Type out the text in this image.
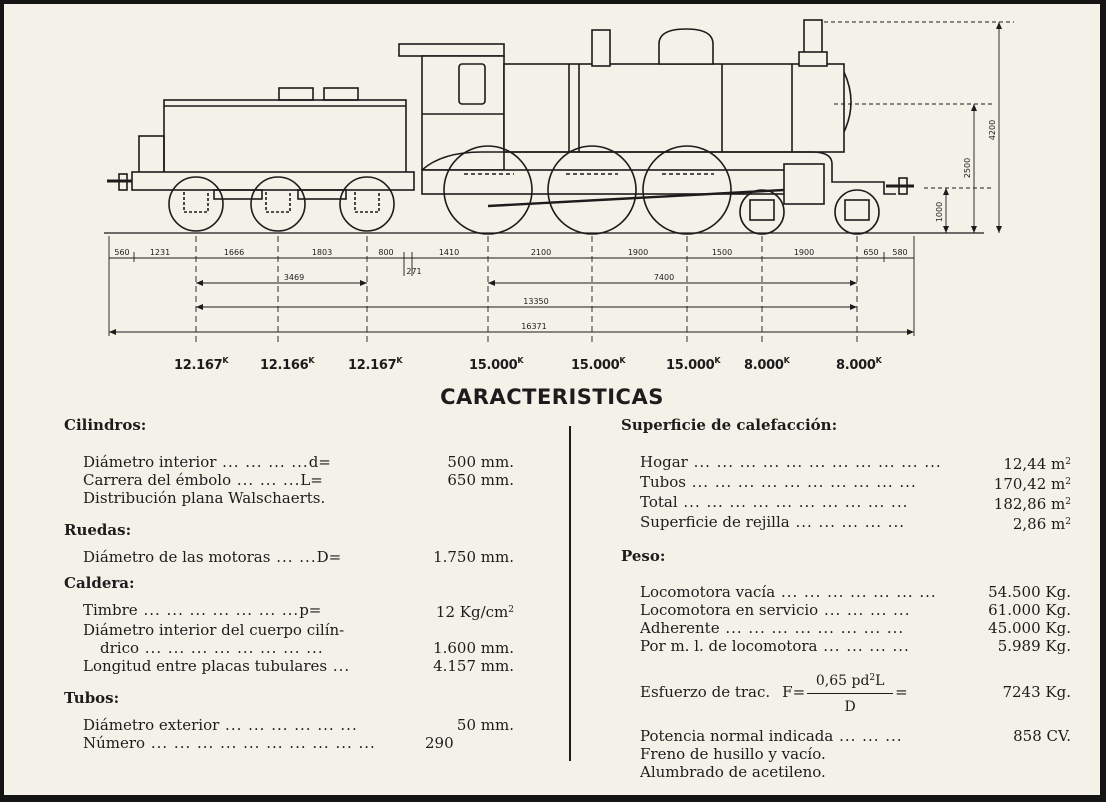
560	1231	1666	1803	800	1410	2100	1900	1500	1900	650 580
271
3469	7400
13350
16371
1000
2500
4200
$12.167^K$ $12.166^K$	$12.167^K$	$15.000^K$	$15.000^K$	$15.000^K$ $8.000^K$	$8.000^K$
CARACTERISTICAS
Cilindros:
Diámetro interior ... ... ... ... d=	500 mm.
Carrera del émbolo ... ... ... L=	650 mm.
Distribución plana Walschaerts.
Ruedas:
Diámetro de las motoras ... ... D=	1.750 mm.
Caldera:
Timbre ... ... ... ... ... ... ... p=	12 $Kg/cm^2$
Diámetro interior del cuerpo cilín-
drico ... ... ... ... ... ... ... ...	1.600 mm.
Longitud entre placas tubulares ...	4.157 mm.
Tubos:
Diámetro exterior ... ... ... ... ... ...	50 mm.
Número ... ... ... ... ... ... ... ... ... ...	290
Superficie de calefacción:
Hogar ... ... ... ... ... ... ... ... ... ... ...	12,44 $m^2$
Tubos ... ... ... ... ... ... ... ... ... ...	170,42 $m^2$
Total ... ... ... ... ... ... ... ... ... ...	182,86 $m^2$
Superficie de rejilla ... ... ... ... ...	2,86 $m^2$
Peso:
Locomotora vacía ... ... ... ... ... ... ...	54.500 Kg.
Locomotora en servicio ... ... ... ...	61.000 Kg.
Adherente ... ... ... ... ... ... ... ...	45.000 Kg.
Por m. l. de locomotora ... ... ... ...	5.989 Kg.
Esfuerzo de trac. $F= \frac{0,65 pd^2L}{D}$ =	7243 Kg.
Potencia normal indicada ... ... ...	858 CV.
Freno de husillo y vacío.
Alumbrado de acetileno.
